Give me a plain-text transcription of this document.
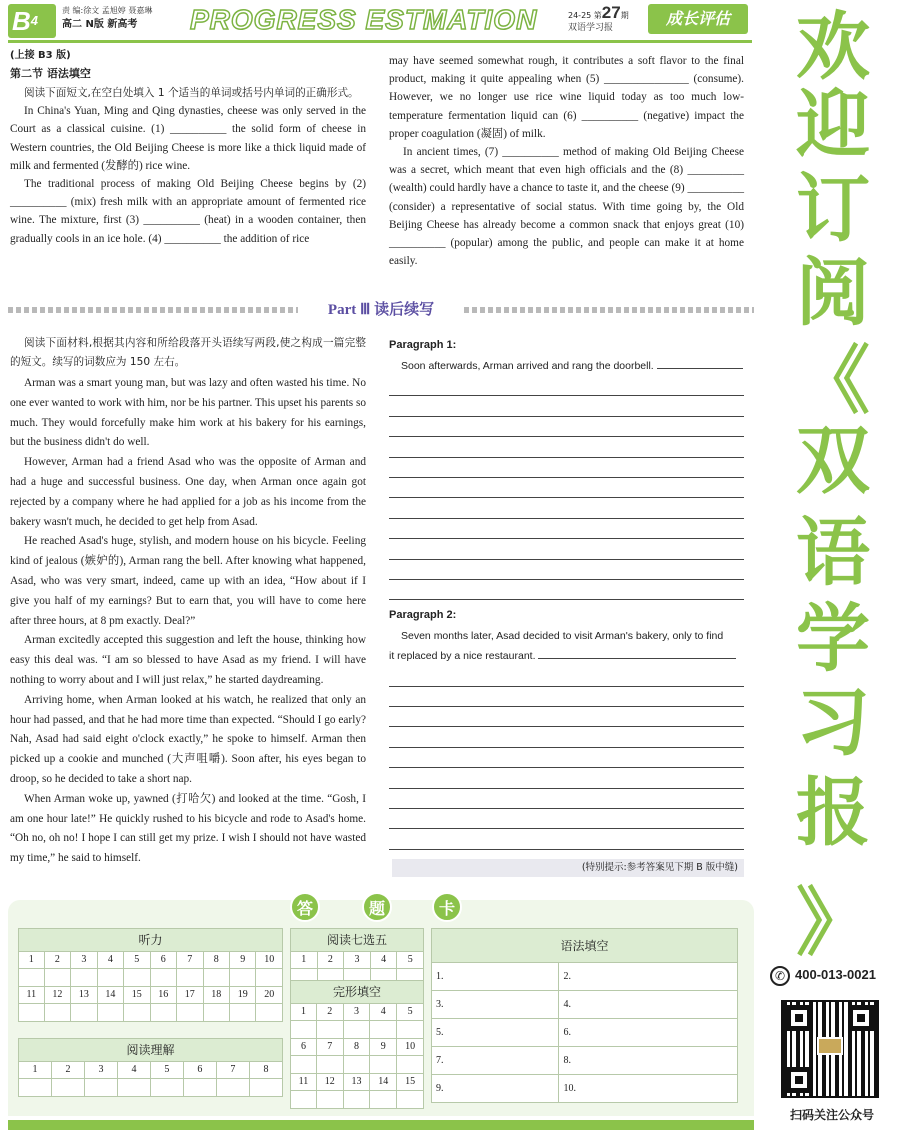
B4
责 编:徐文 孟旭婷 聂嘉琳
高二 N版 新高考 PROGRESS ESTMATION	24-25 第27期
双语学习报	成长评估

(上接 B3 版)

第二节 语法填空

阅读下面短文,在空白处填入 1 个适当的单词或括号内单词的正确形式。

In China's Yuan, Ming and Qing dynasties, cheese was only served in the Court as a classical cuisine. (1) __________ the solid form of cheese in Western countries, the Old Beijing Cheese is more like a thick liquid made of milk and fermented (发酵的) rice wine.

The traditional process of making Old Beijing Cheese begins by (2) __________ (mix) fresh milk with an appropriate amount of fermented rice wine. The mixture, first (3) __________ (heat) in a wooden container, then gradually cools in an ice hole. (4) __________ the addition of rice

may have seemed somewhat rough, it contributes a soft flavor to the final product, making it quite appealing when (5) _______________ (consume). However, we no longer use rice wine liquid today as too much low-temperature fermentation liquid can (6) __________ (negative) impact the proper coagulation (凝固) of milk.

In ancient times, (7) __________ method of making Old Beijing Cheese was a secret, which meant that even high officials and the (8) __________ (wealth) could hardly have a chance to taste it, and the cheese (9) __________ (consider) a representative of social status. With time going by, the Old Beijing Cheese has already become a common snack that enjoys great (10) __________ (popular) among the public, and people can make it at home easily.

Part Ⅲ 读后续写

阅读下面材料,根据其内容和所给段落开头语续写两段,使之构成一篇完整的短文。续写的词数应为 150 左右。

Arman was a smart young man, but was lazy and often wasted his time. No one ever wanted to work with him, nor be his partner. This upset his parents so much. They would forcefully make him work at his bakery for his earnings, but the business didn't do well.

However, Arman had a friend Asad who was the opposite of Arman and had a huge and successful business. One day, when Arman once again got rejected by a company where he had applied for a job as his income from the bakery wasn't much, he decided to get help from Asad.

He reached Asad's huge, stylish, and modern house on his bicycle. Feeling kind of jealous (嫉妒的), Arman rang the bell. After knowing what happened, Asad, who was very smart, indeed, came up with an idea, “How about if I give you half of my earnings? But to earn that, you will have to come here after three hours, at 8 pm exactly. Deal?”

Arman excitedly accepted this suggestion and left the house, thinking how easy this deal was. “I am so blessed to have Asad as my friend. I will have nothing to worry about and I will just relax,” he started daydreaming.

Arriving home, when Arman looked at his watch, he realized that only an hour had passed, and that he had more time than expected. “Should I go early? Nah, Asad had said eight o'clock exactly,” he spoke to himself. Arman then picked up a cookie and munched (大声咀嚼). Soon after, his eyes began to droop, so he decided to take a short nap.

When Arman woke up, yawned (打哈欠) and looked at the time. “Gosh, I am one hour late!” He quickly rushed to his bicycle and rode to Asad's home. “Oh no, oh no! I hope I can still get my prize. I wish I should not have wasted my time,” he said to himself.

Paragraph 1:

Soon afterwards, Arman arrived and rang the doorbell.

Paragraph 2:

Seven months later, Asad decided to visit Arman's bakery, only to find

it replaced by a nice restaurant.

(特别提示:参考答案见下期 B 版中缝)
答	题	卡
听力									
1	2	3	4	5	6	7	8	9	10

11	12	13	14	15	16	17	18	19	20

阅读理解							
1	2	3	4	5	6	7	8

阅读七选五				
1	2	3	4	5

完形填空				
1	2	3	4	5

6	7	8	9	10

11	12	13	14	15

语法填空	
1.	2.
3.	4.
5.	6.
7.	8.
9.	10.
欢
迎
订
阅
《
双
语
学
习
报
》
✆ 400-013-0021
扫码关注公众号
